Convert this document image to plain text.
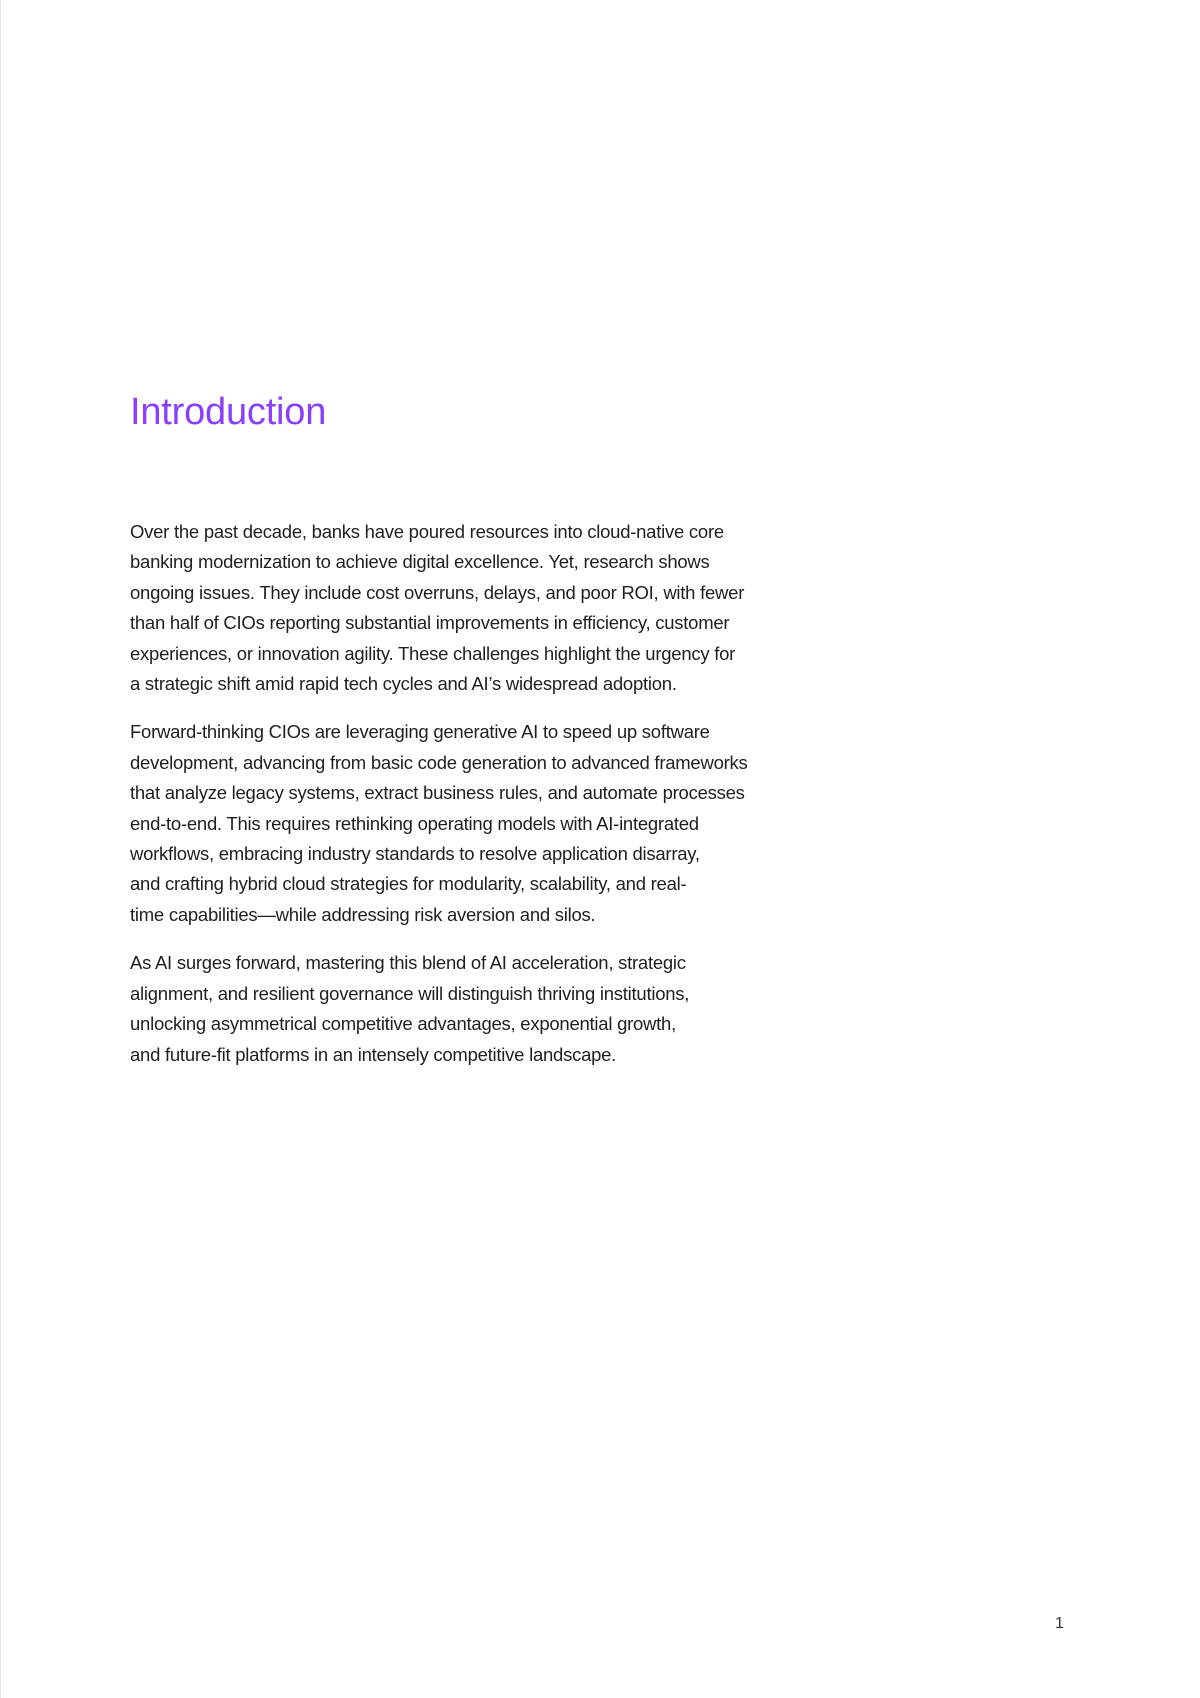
Introduction

Over the past decade, banks have poured resources into cloud-native core
banking modernization to achieve digital excellence. Yet, research shows
ongoing issues. They include cost overruns, delays, and poor ROI, with fewer
than half of CIOs reporting substantial improvements in efficiency, customer
experiences, or innovation agility. These challenges highlight the urgency for
a strategic shift amid rapid tech cycles and AI’s widespread adoption.

Forward-thinking CIOs are leveraging generative AI to speed up software
development, advancing from basic code generation to advanced frameworks
that analyze legacy systems, extract business rules, and automate processes
end-to-end. This requires rethinking operating models with AI-integrated
workflows, embracing industry standards to resolve application disarray,
and crafting hybrid cloud strategies for modularity, scalability, and real-
time capabilities—while addressing risk aversion and silos.

As AI surges forward, mastering this blend of AI acceleration, strategic
alignment, and resilient governance will distinguish thriving institutions,
unlocking asymmetrical competitive advantages, exponential growth,
and future-fit platforms in an intensely competitive landscape.

1
